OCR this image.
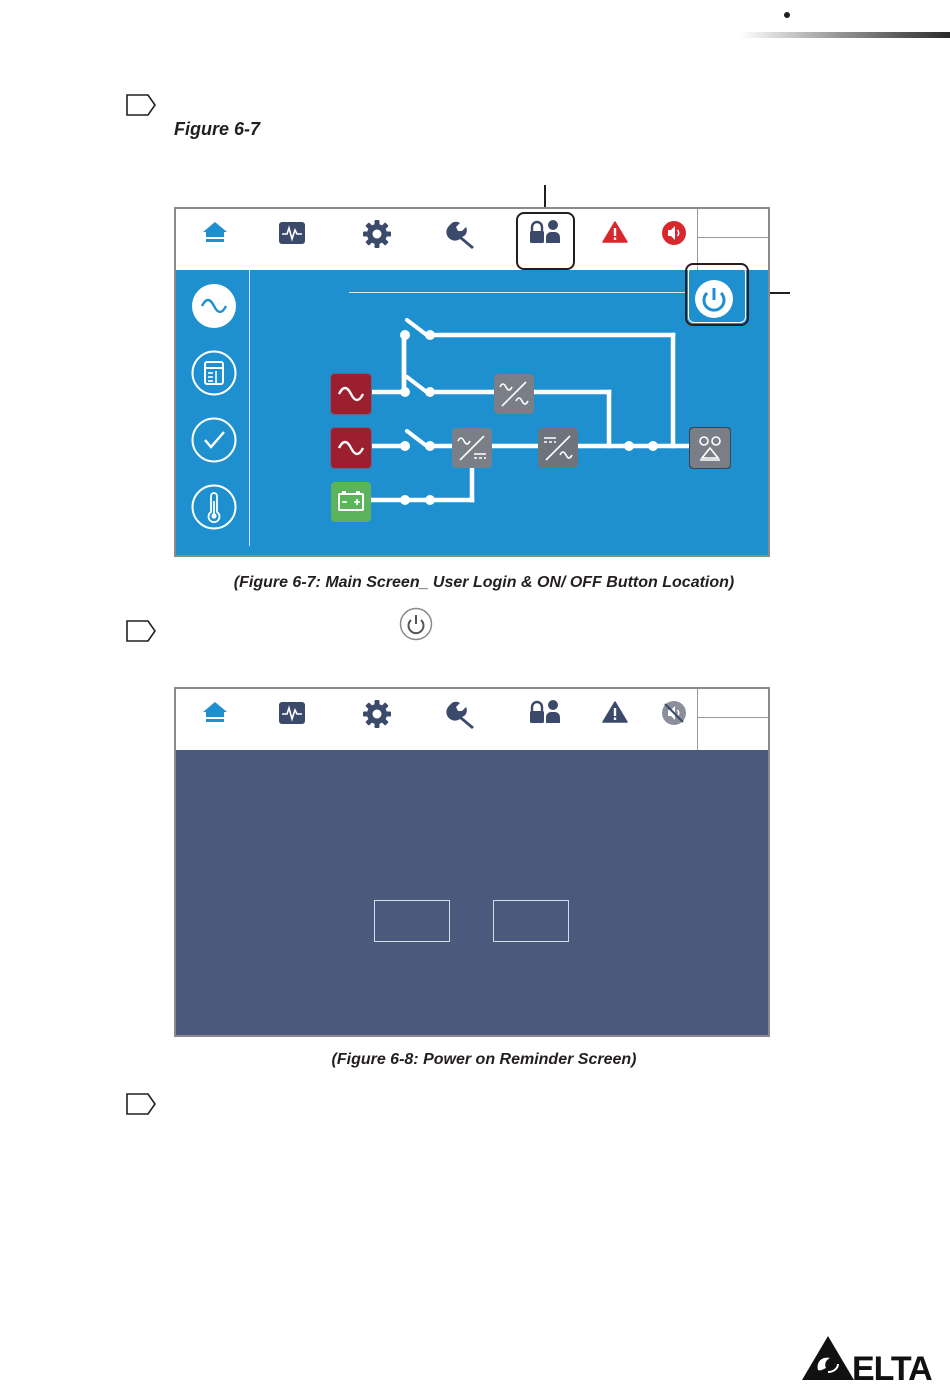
Figure 6-7
(Figure 6-7: Main Screen_ User Login & ON/ OFF Button Location)
(Figure 6-8: Power on Reminder Screen)
ELTA
